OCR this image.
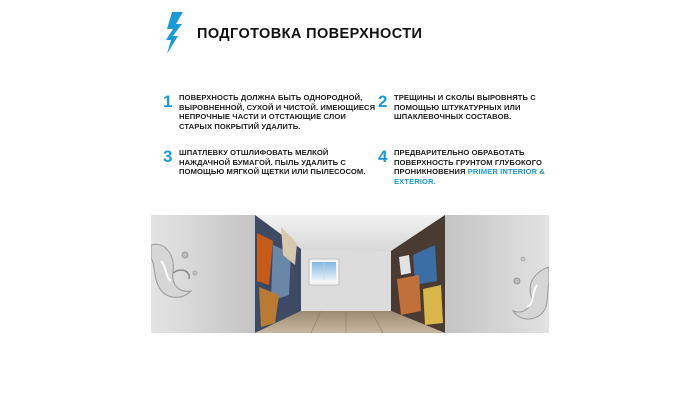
ПОДГОТОВКА ПОВЕРХНОСТИ
1 ПОВЕРХНОСТЬ ДОЛЖНА БЫТЬ ОДНОРОДНОЙ, ВЫРОВНЕННОЙ, СУХОЙ И ЧИСТОЙ. ИМЕЮЩИЕСЯ НЕПРОЧНЫЕ ЧАСТИ И ОТСТАЮЩИЕ СЛОИ СТАРЫХ ПОКРЫТИЙ УДАЛИТЬ.
2 ТРЕЩИНЫ И СКОЛЫ ВЫРОВНЯТЬ С ПОМОЩЬЮ ШТУКАТУРНЫХ ИЛИ ШПАКЛЕВОЧНЫХ СОСТАВОВ.
3 ШПАТЛЕВКУ ОТШЛИФОВАТЬ МЕЛКОЙ НАЖДАЧНОЙ БУМАГОЙ. ПЫЛЬ УДАЛИТЬ С ПОМОЩЬЮ МЯГКОЙ ЩЕТКИ ИЛИ ПЫЛЕСОСОМ.
4 ПРЕДВАРИТЕЛЬНО ОБРАБОТАТЬ ПОВЕРХНОСТЬ ГРУНТОМ ГЛУБОКОГО ПРОНИКНОВЕНИЯ PRIMER INTERIOR & EXTERIOR.
